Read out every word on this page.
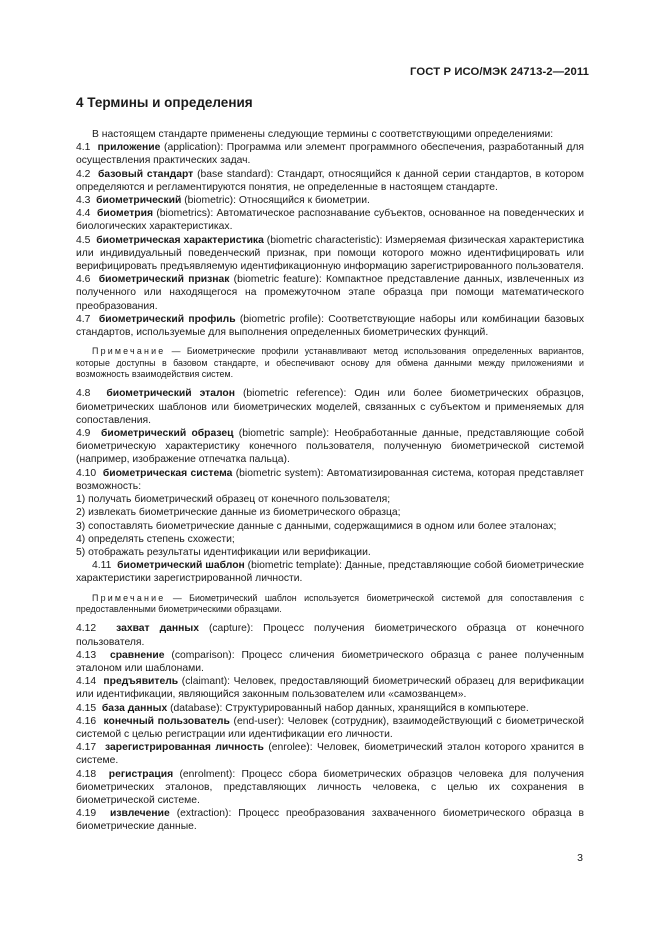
ГОСТ Р ИСО/МЭК 24713-2—2011
4 Термины и определения

В настоящем стандарте применены следующие термины с соответствующими определениями:

4.1 приложение (application): Программа или элемент программного обеспечения, разработанный для осуществления практических задач.

4.2 базовый стандарт (base standard): Стандарт, относящийся к данной серии стандартов, в котором определяются и регламентируются понятия, не определенные в настоящем стандарте.

4.3 биометрический (biometric): Относящийся к биометрии.

4.4 биометрия (biometrics): Автоматическое распознавание субъектов, основанное на поведенческих и биологических характеристиках.

4.5 биометрическая характеристика (biometric characteristic): Измеряемая физическая характеристика или индивидуальный поведенческий признак, при помощи которого можно идентифицировать или верифицировать предъявляемую идентификационную информацию зарегистрированного пользователя.

4.6 биометрический признак (biometric feature): Компактное представление данных, извлеченных из полученного или находящегося на промежуточном этапе образца при помощи математического преобразования.

4.7 биометрический профиль (biometric profile): Соответствующие наборы или комбинации базовых стандартов, используемые для выполнения определенных биометрических функций.

Примечание — Биометрические профили устанавливают метод использования определенных вариантов, которые доступны в базовом стандарте, и обеспечивают основу для обмена данными между приложениями и возможность взаимодействия систем.

4.8 биометрический эталон (biometric reference): Один или более биометрических образцов, биометрических шаблонов или биометрических моделей, связанных с субъектом и применяемых для сопоставления.

4.9 биометрический образец (biometric sample): Необработанные данные, представляющие собой биометрическую характеристику конечного пользователя, полученную биометрической системой (например, изображение отпечатка пальца).

4.10 биометрическая система (biometric system): Автоматизированная система, которая представляет возможность:

1) получать биометрический образец от конечного пользователя;

2) извлекать биометрические данные из биометрического образца;

3) сопоставлять биометрические данные с данными, содержащимися в одном или более эталонах;

4) определять степень схожести;

5) отображать результаты идентификации или верификации.

4.11 биометрический шаблон (biometric template): Данные, представляющие собой биометрические характеристики зарегистрированной личности.

Примечание — Биометрический шаблон используется биометрической системой для сопоставления с предоставленными биометрическими образцами.

4.12 захват данных (capture): Процесс получения биометрического образца от конечного пользователя.

4.13 сравнение (comparison): Процесс сличения биометрического образца с ранее полученным эталоном или шаблонами.

4.14 предъявитель (claimant): Человек, предоставляющий биометрический образец для верификации или идентификации, являющийся законным пользователем или «самозванцем».

4.15 база данных (database): Структурированный набор данных, хранящийся в компьютере.

4.16 конечный пользователь (end-user): Человек (сотрудник), взаимодействующий с биометрической системой с целью регистрации или идентификации его личности.

4.17 зарегистрированная личность (enrolee): Человек, биометрический эталон которого хранится в системе.

4.18 регистрация (enrolment): Процесс сбора биометрических образцов человека для получения биометрических эталонов, представляющих личность человека, с целью их сохранения в биометрической системе.

4.19 извлечение (extraction): Процесс преобразования захваченного биометрического образца в биометрические данные.

3
